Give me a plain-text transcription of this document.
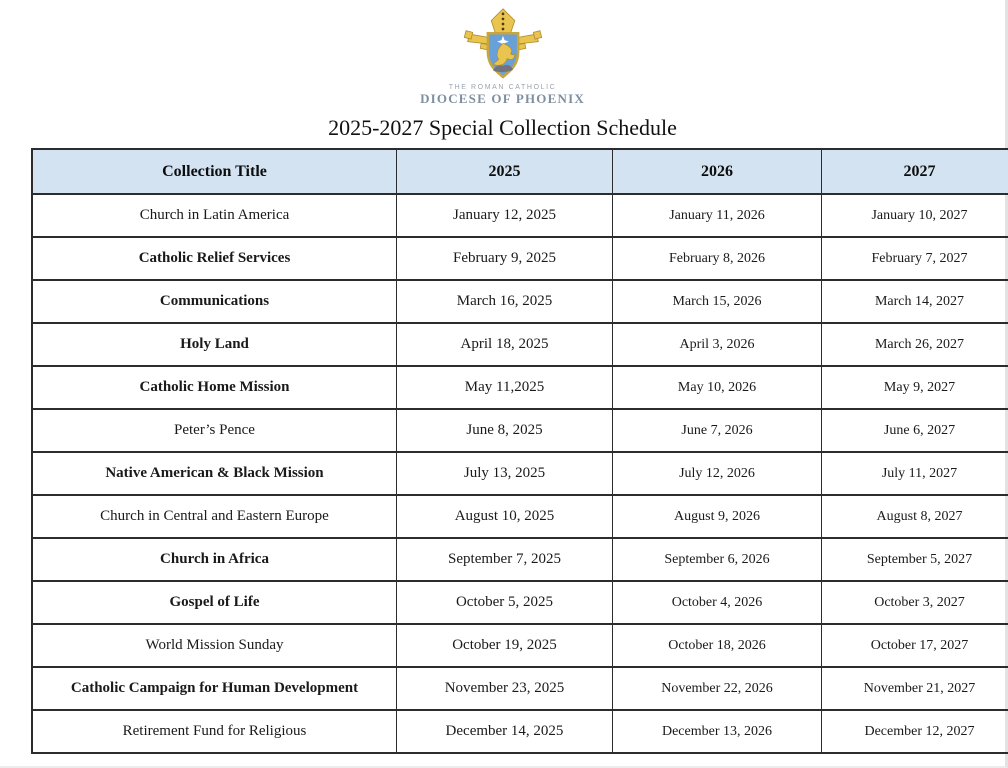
THE ROMAN CATHOLIC
DIOCESE OF PHOENIX
2025-2027 Special Collection Schedule
Collection Title	2025	2026	2027
Church in Latin America	January 12, 2025	January 11, 2026	January 10, 2027
Catholic Relief Services	February 9, 2025	February 8, 2026	February 7, 2027
Communications	March 16, 2025	March 15, 2026	March 14, 2027
Holy Land	April 18, 2025	April 3, 2026	March 26, 2027
Catholic Home Mission	May 11,2025	May 10, 2026	May 9, 2027
Peter’s Pence	June 8, 2025	June 7, 2026	June 6, 2027
Native American & Black Mission	July 13, 2025	July 12, 2026	July 11, 2027
Church in Central and Eastern Europe	August 10, 2025	August 9, 2026	August 8, 2027
Church in Africa	September 7, 2025	September 6, 2026	September 5, 2027
Gospel of Life	October 5, 2025	October 4, 2026	October 3, 2027
World Mission Sunday	October 19, 2025	October 18, 2026	October 17, 2027
Catholic Campaign for Human Development	November 23, 2025	November 22, 2026	November 21, 2027
Retirement Fund for Religious	December 14, 2025	December 13, 2026	December 12, 2027
